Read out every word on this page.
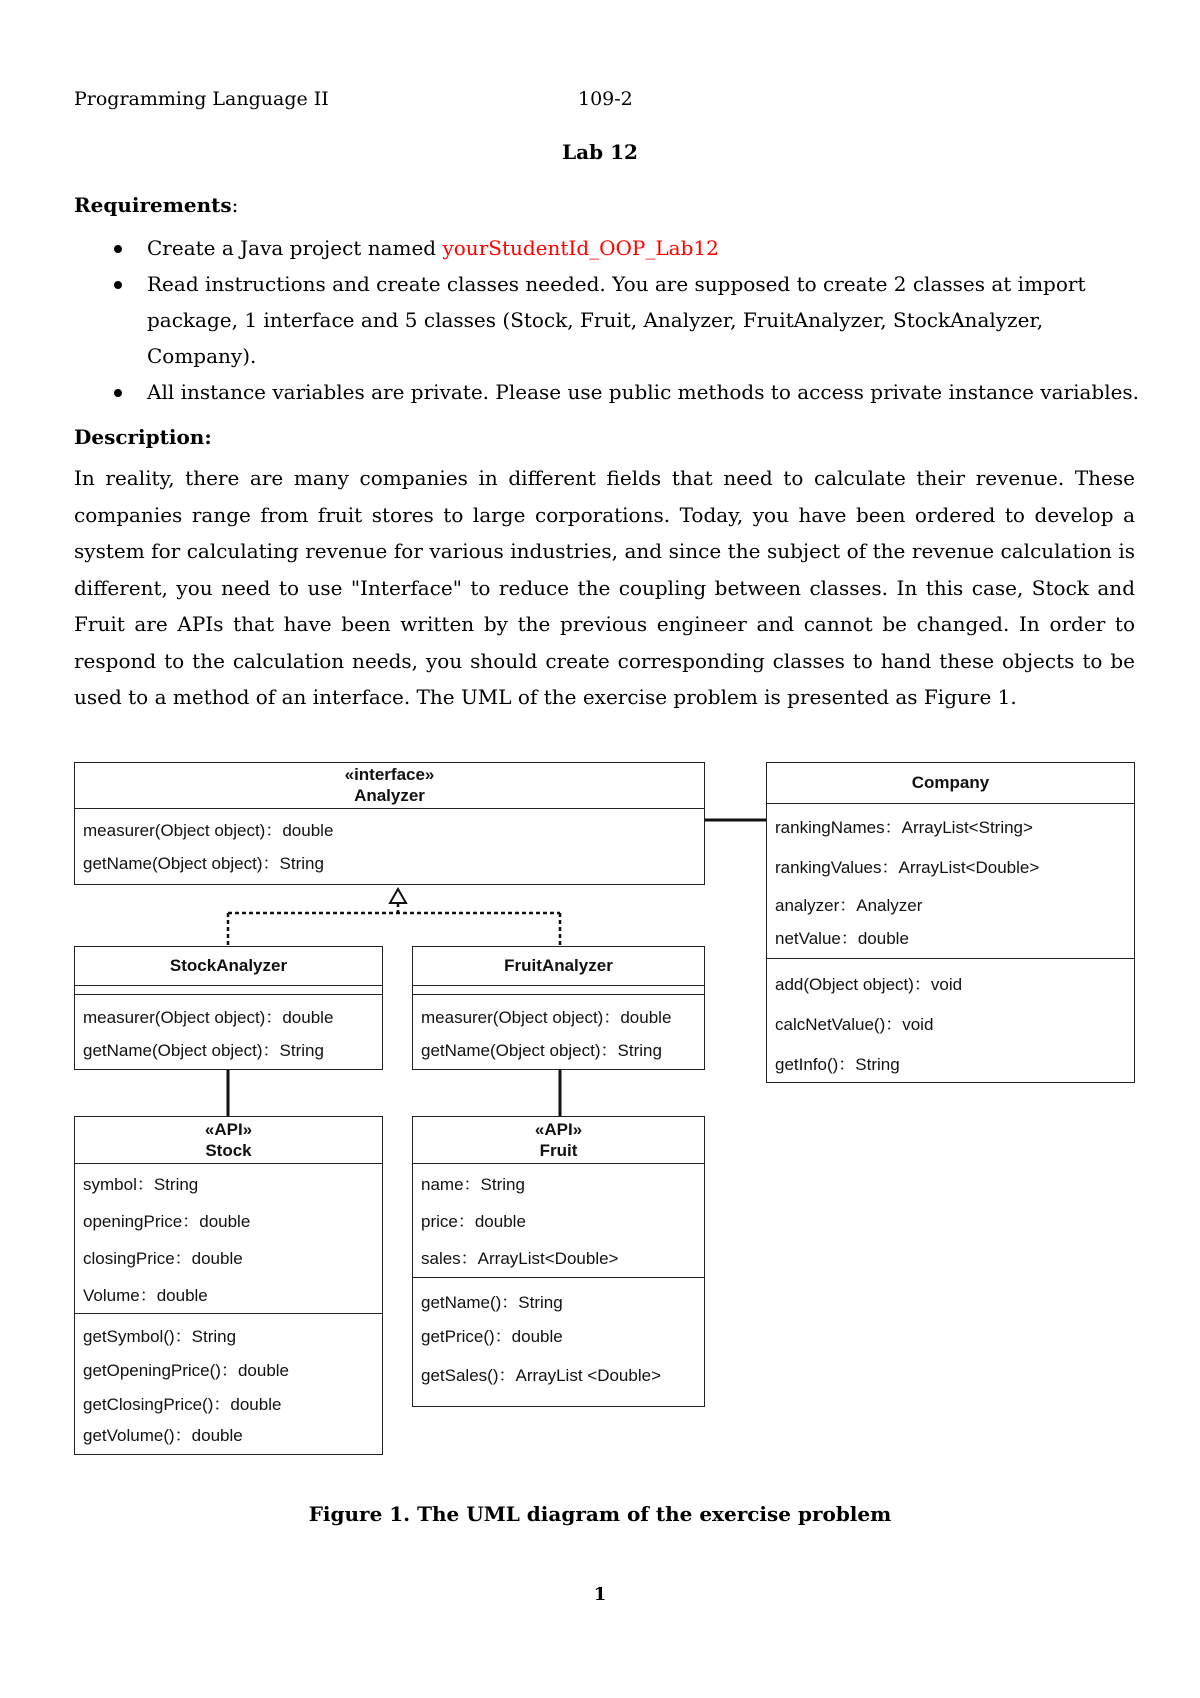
Programming Language II	109-2
Lab 12
Requirements:
Create a Java project named yourStudentId_OOP_Lab12
Read instructions and create classes needed. You are supposed to create 2 classes at import package, 1 interface and 5 classes (Stock, Fruit, Analyzer, FruitAnalyzer, StockAnalyzer, Company).
All instance variables are private. Please use public methods to access private instance variables.
Description:

In reality, there are many companies in different fields that need to calculate their revenue. These companies range from fruit stores to large corporations. Today, you have been ordered to develop a system for calculating revenue for various industries, and since the subject of the revenue calculation is different, you need to use "Interface" to reduce the coupling between classes. In this case, Stock and Fruit are APIs that have been written by the previous engineer and cannot be changed. In order to respond to the calculation needs, you should create corresponding classes to hand these objects to be used to a method of an interface. The UML of the exercise problem is presented as Figure 1.

«interface»
Analyzer
measurer(Object object)：double
getName(Object object)：String
Company
rankingNames：ArrayList<String>
rankingValues：ArrayList<Double>
analyzer：Analyzer
netValue：double
add(Object object)：void
calcNetValue()：void
getInfo()：String
StockAnalyzer
measurer(Object object)：double
getName(Object object)：String
FruitAnalyzer
measurer(Object object)：double
getName(Object object)：String
«API»
Stock
symbol：String
openingPrice：double
closingPrice：double
Volume：double
getSymbol()：String
getOpeningPrice()：double
getClosingPrice()：double
getVolume()：double
«API»
Fruit
name：String
price：double
sales：ArrayList<Double>
getName()：String
getPrice()：double
getSales()：ArrayList <Double>
Figure 1. The UML diagram of the exercise problem
1
